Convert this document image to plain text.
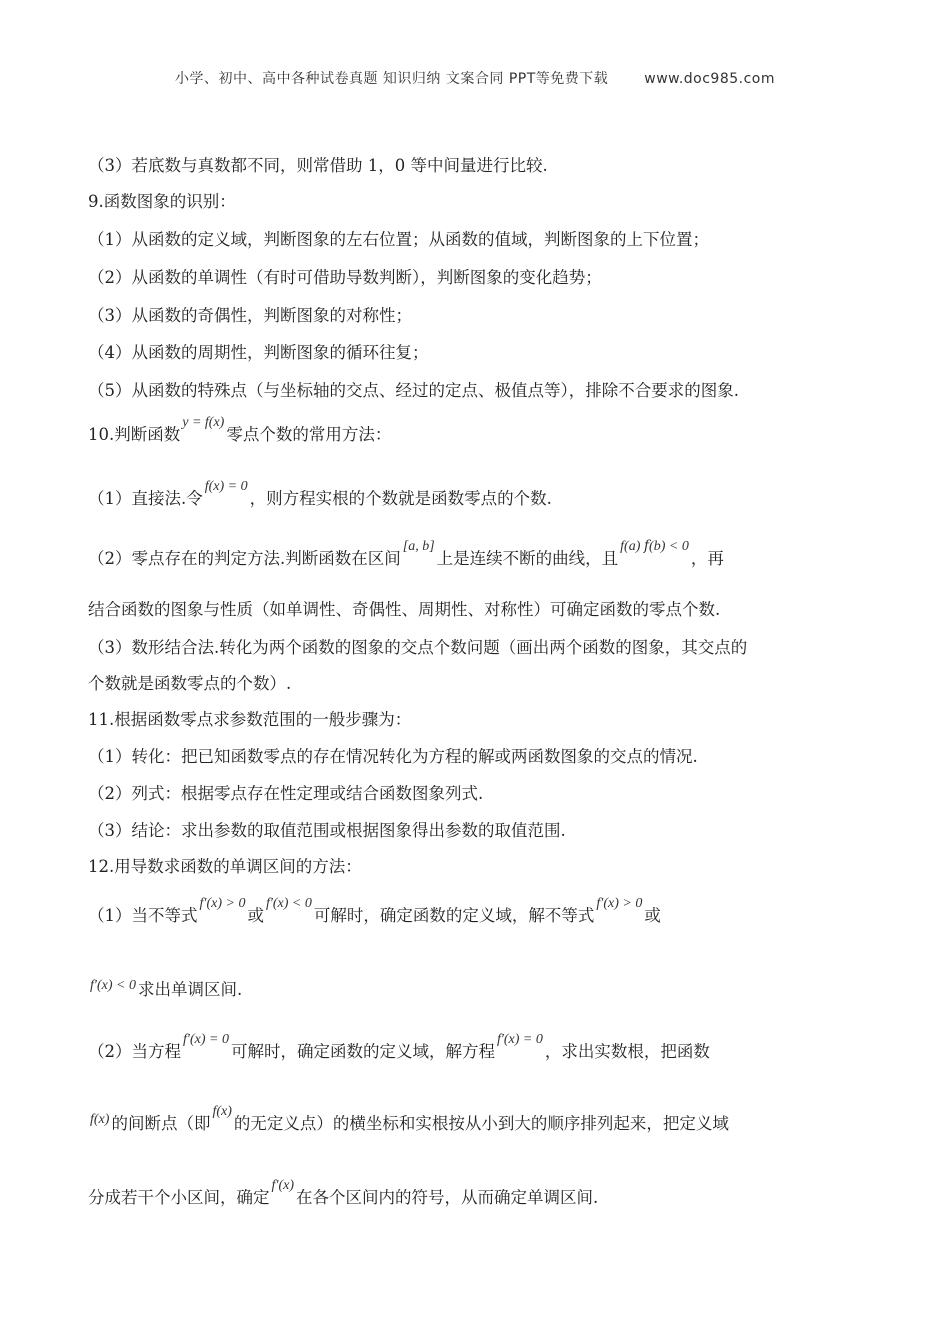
小学、初中、高中各种试卷真题 知识归纳 文案合同 PPT等免费下载	www.doc985.com
（3）若底数与真数都不同，则常借助 1，0 等中间量进行比较.
9.函数图象的识别：
（1）从函数的定义域，判断图象的左右位置；从函数的值域，判断图象的上下位置；
（2）从函数的单调性（有时可借助导数判断），判断图象的变化趋势；
（3）从函数的奇偶性，判断图象的对称性；
（4）从函数的周期性，判断图象的循环往复；
（5）从函数的特殊点（与坐标轴的交点、经过的定点、极值点等），排除不合要求的图象.
10.判断函数$^{y = f(x)}$零点个数的常用方法：
（1）直接法.令$^{f(x) = 0}$，则方程实根的个数就是函数零点的个数.
（2）零点存在的判定方法.判断函数在区间[a, b]上是连续不断的曲线，且$^{f(a) 𝑓(b) < 0}$，再
结合函数的图象与性质（如单调性、奇偶性、周期性、对称性）可确定函数的零点个数.
（3）数形结合法.转化为两个函数的图象的交点个数问题（画出两个函数的图象，其交点的
个数就是函数零点的个数）.
11.根据函数零点求参数范围的一般步骤为：
（1）转化：把已知函数零点的存在情况转化为方程的解或两函数图象的交点的情况.
（2）列式：根据零点存在性定理或结合函数图象列式.
（3）结论：求出参数的取值范围或根据图象得出参数的取值范围.
12.用导数求函数的单调区间的方法：
（1）当不等式$^{f'(x) > 0}$或$^{f'(x) < 0}$可解时，确定函数的定义域，解不等式$^{f'(x) > 0}$或
$^{f'(x) < 0}$ 求出单调区间.
（2）当方程$^{f'(x) = 0}$可解时，确定函数的定义域，解方程$^{f'(x) = 0}$，求出实数根，把函数
$^{f(x)}$ 的间断点（即$^{f(x)}$的无定义点）的横坐标和实根按从小到大的顺序排列起来，把定义域
分成若干个小区间，确定$^{f'(x)}$在各个区间内的符号，从而确定单调区间.
